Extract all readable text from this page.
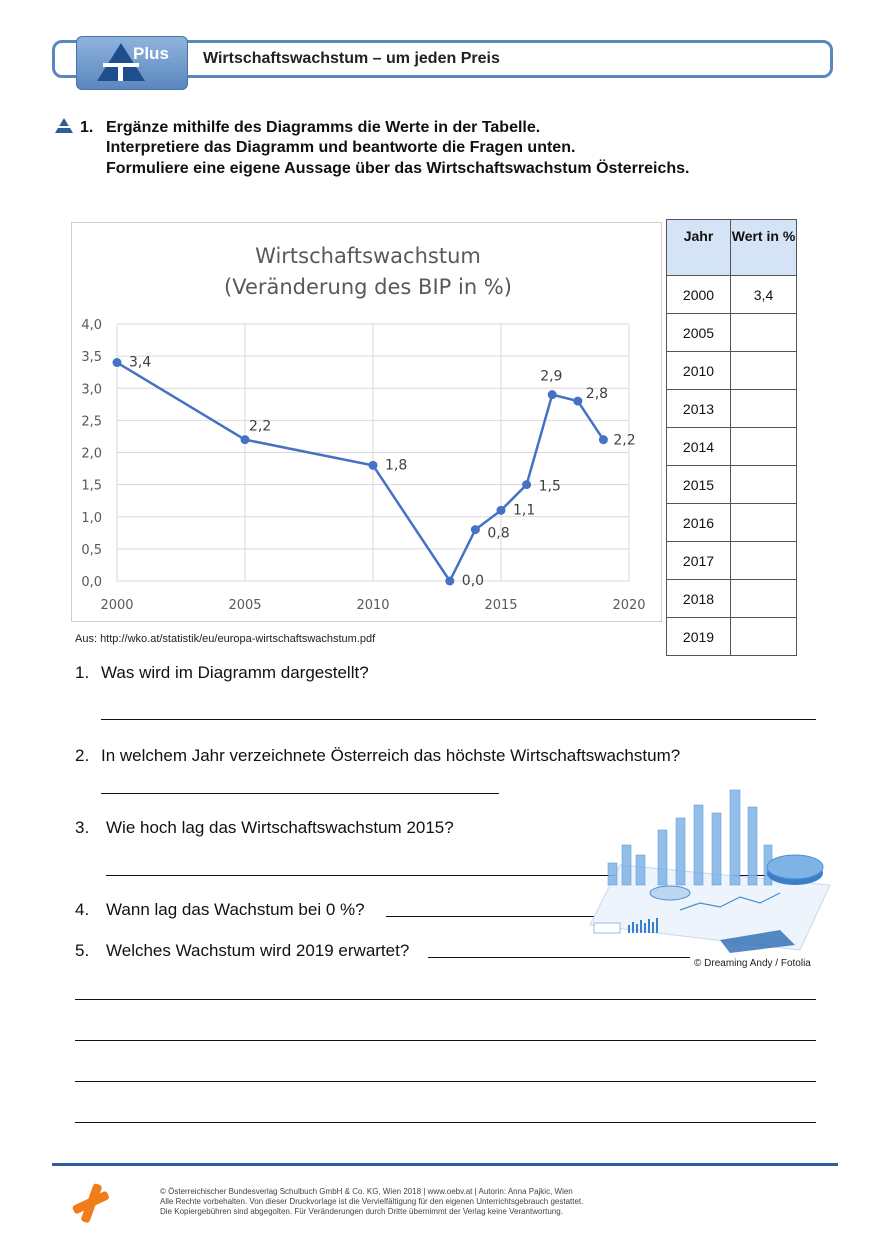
Plus Wirtschaftswachstum – um jeden Preis
1. Ergänze mithilfe des Diagramms die Werte in der Tabelle.
Interpretiere das Diagramm und beantworte die Fragen unten.
Formuliere eine eigene Aussage über das Wirtschaftswachstum Österreichs.
Wirtschaftswachstum
(Veränderung des BIP in %)
0,0
0,5
1,0
1,5
2,0
2,5
3,0
3,5
4,0
2000	2005	2010	2015	2020
3,4
2,2
1,8
0,0
0,8
1,1
1,5
2,9
2,8
2,2
Aus: http://wko.at/statistik/eu/europa-wirtschaftswachstum.pdf
Jahr	Wert in %
2000	3,4
2005	
2010	
2013	
2014	
2015	
2016	
2017	
2018	
2019	
1. Was wird im Diagramm dargestellt?
2. In welchem Jahr verzeichnete Österreich das höchste Wirtschaftswachstum?
3. Wie hoch lag das Wirtschaftswachstum 2015?
4. Wann lag das Wachstum bei 0 %?
5. Welches Wachstum wird 2019 erwartet?
© Dreaming Andy / Fotolia
© Österreichischer Bundesverlag Schulbuch GmbH & Co. KG, Wien 2018 | www.oebv.at | Autorin: Anna Pajkic, Wien
Alle Rechte vorbehalten. Von dieser Druckvorlage ist die Vervielfältigung für den eigenen Unterrichtsgebrauch gestattet.
Die Kopiergebühren sind abgegolten. Für Veränderungen durch Dritte übernimmt der Verlag keine Verantwortung.
